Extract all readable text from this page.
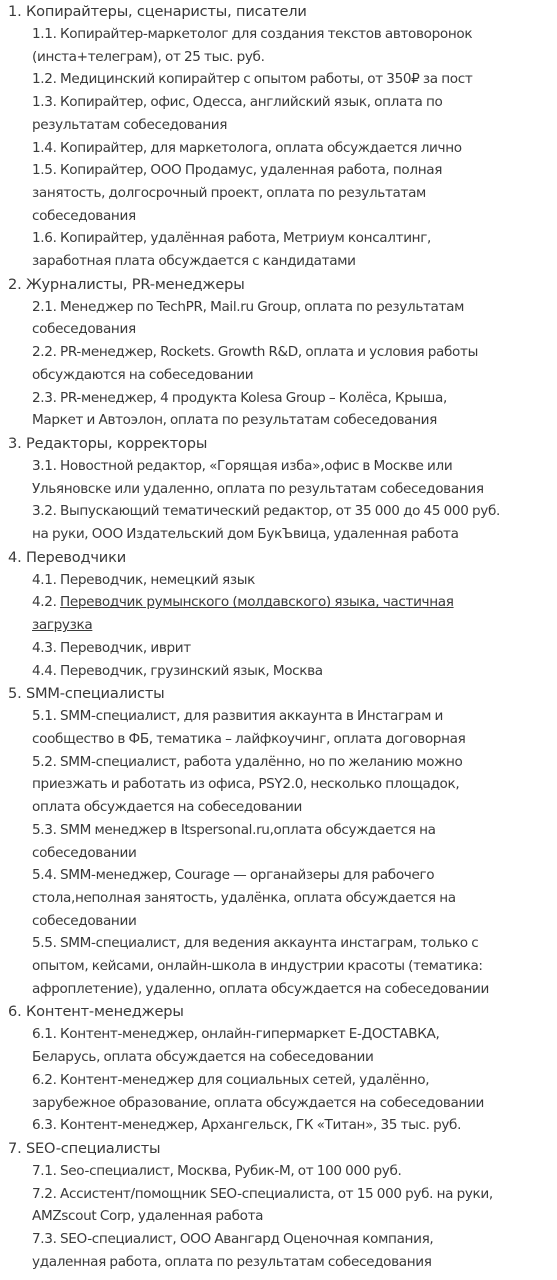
1. Копирайтеры, сценаристы, писатели
1.1. Копирайтер-маркетолог для создания текстов автоворонок
(инста+телеграм), от 25 тыс. руб.
1.2. Медицинский копирайтер с опытом работы, от 350₽ за пост
1.3. Копирайтер, офис, Одесса, английский язык, оплата по
результатам собеседования
1.4. Копирайтер, для маркетолога, оплата обсуждается лично
1.5. Копирайтер, ООО Продамус, удаленная работа, полная
занятость, долгосрочный проект, оплата по результатам
собеседования
1.6. Копирайтер, удалённая работа, Метриум консалтинг,
заработная плата обсуждается с кандидатами
2. Журналисты, PR-менеджеры
2.1. Менеджер по TechPR, Mail.ru Group, оплата по результатам
собеседования
2.2. PR-менеджер, Rockets. Growth R&D, оплата и условия работы
обсуждаются на собеседовании
2.3. PR-менеджер, 4 продукта Kolesa Group – Колёса, Крыша,
Маркет и Автоэлон, оплата по результатам собеседования
3. Редакторы, корректоры
3.1. Новостной редактор, «Горящая изба»,офис в Москве или
Ульяновске или удаленно, оплата по результатам собеседования
3.2. Выпускающий тематический редактор, от 35 000 до 45 000 руб.
на руки, ООО Издательский дом БукЪвица, удаленная работа
4. Переводчики
4.1. Переводчик, немецкий язык
4.2. Переводчик румынского (молдавского) языка, частичная
загрузка
4.3. Переводчик, иврит
4.4. Переводчик, грузинский язык, Москва
5. SMM-специалисты
5.1. SMM-специалист, для развития аккаунта в Инстаграм и
сообщество в ФБ, тематика – лайфкоучинг, оплата договорная
5.2. SMM-специалист, работа удалённо, но по желанию можно
приезжать и работать из офиса, PSY2.0, несколько площадок,
оплата обсуждается на собеседовании
5.3. SMM менеджер в Itspersonal.ru,оплата обсуждается на
собеседовании
5.4. SMM-менеджер, Courage — органайзеры для рабочего
стола,неполная занятость, удалёнка, оплата обсуждается на
собеседовании
5.5. SMM-специалист, для ведения аккаунта инстаграм, только с
опытом, кейсами, онлайн-школа в индустрии красоты (тематика:
афроплетение), удаленно, оплата обсуждается на собеседовании
6. Контент-менеджеры
6.1. Контент-менеджер, онлайн-гипермаркет Е-ДОСТАВКА,
Беларусь, оплата обсуждается на собеседовании
6.2. Контент-менеджер для социальных сетей, удалённо,
зарубежное образование, оплата обсуждается на собеседовании
6.3. Контент-менеджер, Архангельск, ГК «Титан», 35 тыс. руб.
7. SEO-специалисты
7.1. Seo-специалист, Москва, Рубик-М, от 100 000 руб.
7.2. Ассистент/помощник SEO-специалиста, от 15 000 руб. на руки,
AMZscout Corp, удаленная работа
7.3. SEO-специалист, ООО Авангард Оценочная компания,
удаленная работа, оплата по результатам собеседования
